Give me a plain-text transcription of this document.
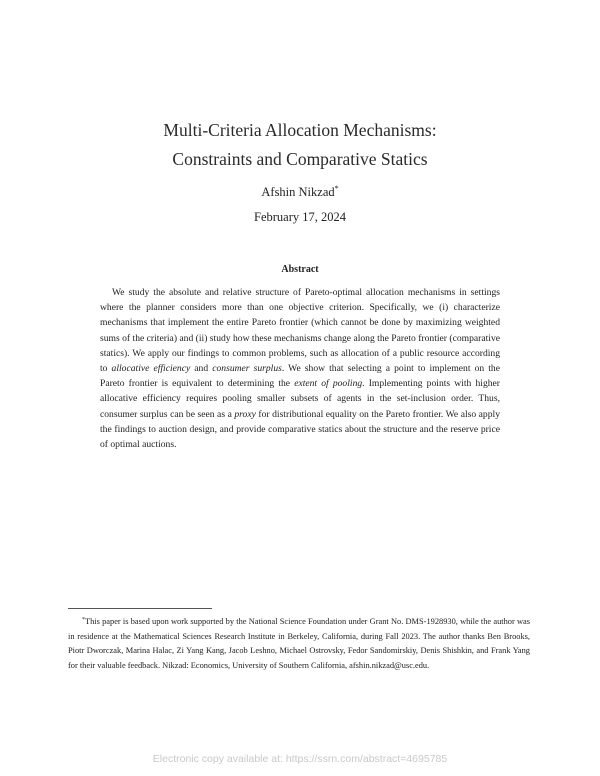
Multi-Criteria Allocation Mechanisms:
Constraints and Comparative Statics
Afshin Nikzad*
February 17, 2024
Abstract
We study the absolute and relative structure of Pareto-optimal allocation mechanisms in settings where the planner considers more than one objective criterion. Specifically, we (i) characterize mechanisms that implement the entire Pareto frontier (which cannot be done by maximizing weighted sums of the criteria) and (ii) study how these mechanisms change along the Pareto frontier (comparative statics). We apply our findings to common problems, such as allocation of a public resource according to allocative efficiency and consumer surplus. We show that selecting a point to implement on the Pareto frontier is equivalent to determining the extent of pooling. Implementing points with higher allocative efficiency requires pooling smaller subsets of agents in the set-inclusion order. Thus, consumer surplus can be seen as a proxy for distributional equality on the Pareto frontier. We also apply the findings to auction design, and provide comparative statics about the structure and the reserve price of optimal auctions.
*This paper is based upon work supported by the National Science Foundation under Grant No. DMS-1928930, while the author was in residence at the Mathematical Sciences Research Institute in Berkeley, California, during Fall 2023. The author thanks Ben Brooks, Piotr Dworczak, Marina Halac, Zi Yang Kang, Jacob Leshno, Michael Ostrovsky, Fedor Sandomirskiy, Denis Shishkin, and Frank Yang for their valuable feedback. Nikzad: Economics, University of Southern California, afshin.nikzad@usc.edu.
Electronic copy available at: https://ssrn.com/abstract=4695785
